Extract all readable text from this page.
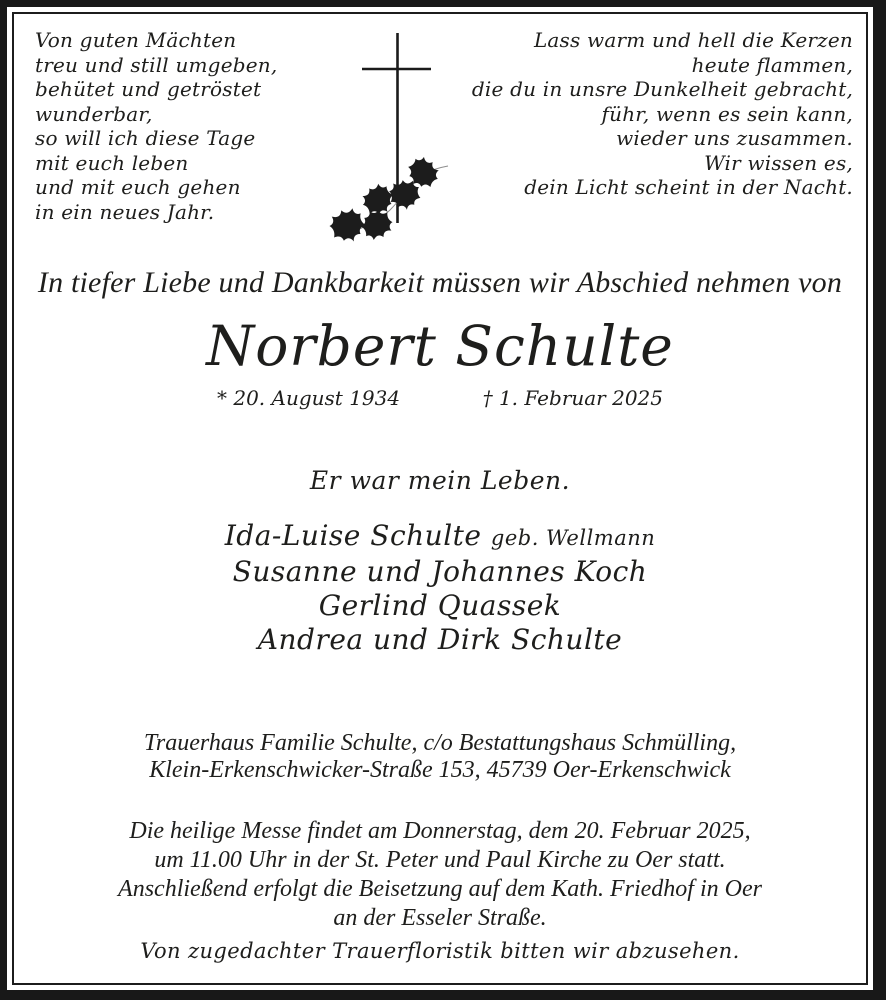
Von guten Mächten
treu und still umgeben,
behütet und getröstet
wunderbar,
so will ich diese Tage
mit euch leben
und mit euch gehen
in ein neues Jahr.
Lass warm und hell die Kerzen
heute flammen,
die du in unsre Dunkelheit gebracht,
führ, wenn es sein kann,
wieder uns zusammen.
Wir wissen es,
dein Licht scheint in der Nacht.
In tiefer Liebe und Dankbarkeit müssen wir Abschied nehmen von
Norbert Schulte
* 20. August 1934	† 1. Februar 2025
Er war mein Leben.
Ida-Luise Schulte geb. Wellmann
Susanne und Johannes Koch
Gerlind Quassek
Andrea und Dirk Schulte
Trauerhaus Familie Schulte, c/o Bestattungshaus Schmülling,
Klein-Erkenschwicker-Straße 153, 45739 Oer-Erkenschwick
Die heilige Messe findet am Donnerstag, dem 20. Februar 2025,
um 11.00 Uhr in der St. Peter und Paul Kirche zu Oer statt.
Anschließend erfolgt die Beisetzung auf dem Kath. Friedhof in Oer
an der Esseler Straße.
Von zugedachter Trauerfloristik bitten wir abzusehen.
